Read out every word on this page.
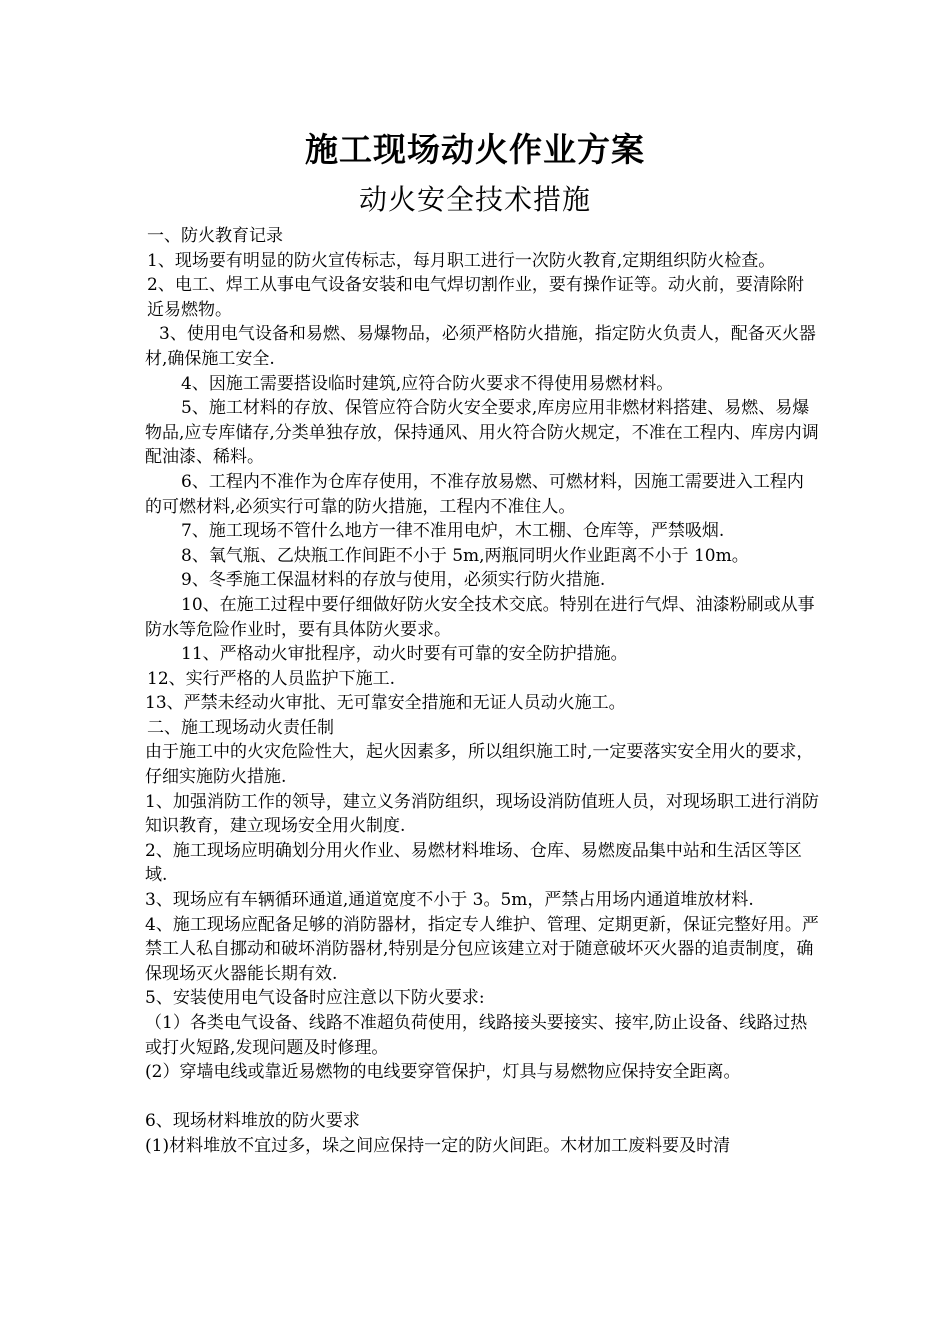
施工现场动火作业方案
动火安全技术措施

一、防火教育记录

1、现场要有明显的防火宣传标志，每月职工进行一次防火教育,定期组织防火检查。

2、电工、焊工从事电气设备安装和电气焊切割作业，要有操作证等。动火前，要清除附近易燃物。

3、使用电气设备和易燃、易爆物品，必须严格防火措施，指定防火负责人，配备灭火器材,确保施工安全.

4、因施工需要搭设临时建筑,应符合防火要求不得使用易燃材料。

5、施工材料的存放、保管应符合防火安全要求,库房应用非燃材料搭建、易燃、易爆物品,应专库储存,分类单独存放，保持通风、用火符合防火规定，不准在工程内、库房内调配油漆、稀料。

6、工程内不准作为仓库存使用，不准存放易燃、可燃材料，因施工需要进入工程内的可燃材料,必须实行可靠的防火措施，工程内不准住人。

7、施工现场不管什么地方一律不准用电炉，木工棚、仓库等，严禁吸烟.

8、氧气瓶、乙炔瓶工作间距不小于 5m,两瓶同明火作业距离不小于 10m。

9、冬季施工保温材料的存放与使用，必须实行防火措施.

10、在施工过程中要仔细做好防火安全技术交底。特别在进行气焊、油漆粉刷或从事防水等危险作业时，要有具体防火要求。

11、严格动火审批程序，动火时要有可靠的安全防护措施。

12、实行严格的人员监护下施工.

13、严禁未经动火审批、无可靠安全措施和无证人员动火施工。

二、施工现场动火责任制

由于施工中的火灾危险性大，起火因素多，所以组织施工时,一定要落实安全用火的要求，仔细实施防火措施.

1、加强消防工作的领导，建立义务消防组织，现场设消防值班人员，对现场职工进行消防知识教育，建立现场安全用火制度.

2、施工现场应明确划分用火作业、易燃材料堆场、仓库、易燃废品集中站和生活区等区域.

3、现场应有车辆循环通道,通道宽度不小于 3。5m，严禁占用场内通道堆放材料.

4、施工现场应配备足够的消防器材，指定专人维护、管理、定期更新，保证完整好用。严禁工人私自挪动和破坏消防器材,特别是分包应该建立对于随意破坏灭火器的追责制度，确保现场灭火器能长期有效.

5、安装使用电气设备时应注意以下防火要求:

（1）各类电气设备、线路不准超负荷使用，线路接头要接实、接牢,防止设备、线路过热或打火短路,发现问题及时修理。

(2）穿墙电线或靠近易燃物的电线要穿管保护，灯具与易燃物应保持安全距离。

6、现场材料堆放的防火要求

(1)材料堆放不宜过多，垛之间应保持一定的防火间距。木材加工废料要及时清
